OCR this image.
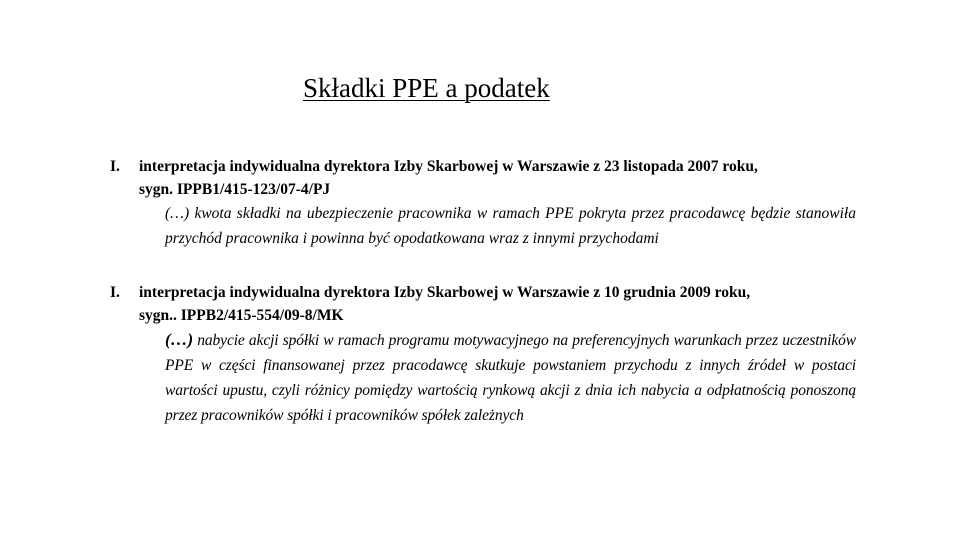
Składki PPE a podatek
I. interpretacja indywidualna dyrektora Izby Skarbowej w Warszawie z 23 listopada 2007 roku,
sygn. IPPB1/415-123/07-4/PJ
(…) kwota składki na ubezpieczenie pracownika w ramach PPE pokryta przez pracodawcę będzie stanowiła przychód pracownika i powinna być opodatkowana wraz z innymi przychodami
I. interpretacja indywidualna dyrektora Izby Skarbowej w Warszawie z 10 grudnia 2009 roku,
sygn.. IPPB2/415-554/09-8/MK
(…) nabycie akcji spółki w ramach programu motywacyjnego na preferencyjnych warunkach przez uczestników PPE w części finansowanej przez pracodawcę skutkuje powstaniem przychodu z innych źródeł w postaci wartości upustu, czyli różnicy pomiędzy wartością rynkową akcji z dnia ich nabycia a odpłatnością ponoszoną przez pracowników spółki i pracowników spółek zależnych
